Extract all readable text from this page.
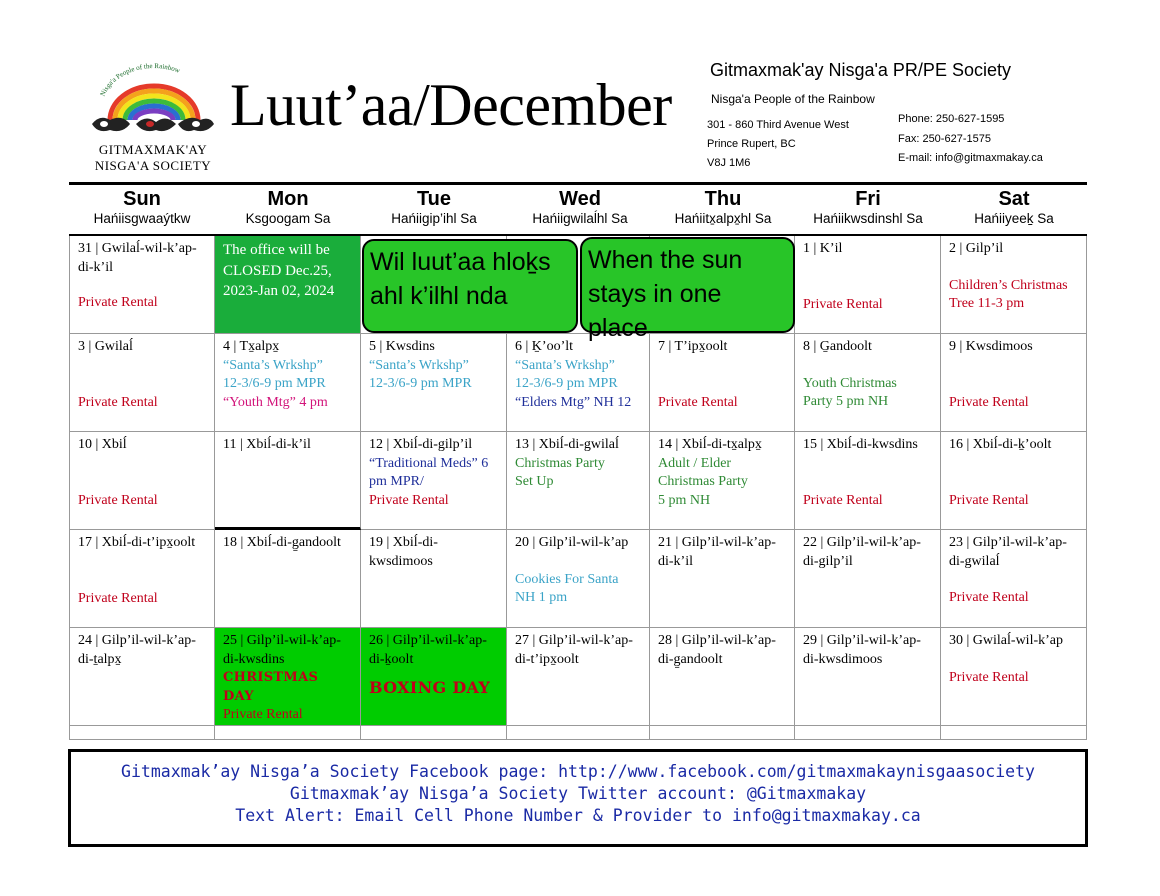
Nisga'a People of the Rainbow
GITMAXMAK'AY
NISGA'A SOCIETY
Luut’aa/December
Gitmaxmak'ay Nisga'a PR/PE Society
Nisga'a People of the Rainbow
301 - 860 Third Avenue West
Prince Rupert, BC
V8J 1M6
Phone: 250-627-1595
Fax: 250-627-1575
E-mail: info@gitmaxmakay.ca
Sun
Hańiisgwaaýtkw
Mon
Ksgoogam Sa
Tue
Hańiigip’ihl Sa
Wed
Hańiigwilaĺhl Sa
Thu
Hańiitx̱alpx̱hl Sa
Fri
Hańiikwsdinshl Sa
Sat
Hańiiyeek̠ Sa
31 | Gwilaĺ-wil-k’ap-di-k’il
Private Rental
The office will be CLOSED Dec.25, 2023-Jan 02, 2024
1 | K’il
Private Rental
2 | Gilp’il
Children’s Christmas Tree 11-3 pm
3 | Gwilaĺ
Private Rental
4 | Tx̱alpx̱
“Santa’s Wrkshp”
12-3/6-9 pm MPR
“Youth Mtg” 4 pm
5 | Kwsdins
“Santa’s Wrkshp”
12-3/6-9 pm MPR
6 | K̠’oo’lt
“Santa’s Wrkshp”
12-3/6-9 pm MPR
“Elders Mtg” NH 12
7 | T’ipx̱oolt
Private Rental
8 | G̠andoolt
Youth Christmas
Party 5 pm NH
9 | Kwsdimoos
Private Rental
10 | Xbiĺ
Private Rental
11 | Xbiĺ-di-k’il	12 | Xbiĺ-di-gilp’il
“Traditional Meds” 6 pm MPR/
Private Rental
13 | Xbiĺ-di-gwilaĺ
Christmas Party
Set Up
14 | Xbiĺ-di-tx̱alpx̱
Adult / Elder
Christmas Party
5 pm NH
15 | Xbiĺ-di-kwsdins
Private Rental
16 | Xbiĺ-di-k̠’oolt
Private Rental
17 | Xbiĺ-di-t’ipx̱oolt
Private Rental
18 | Xbiĺ-di-g̠andoolt	19 | Xbiĺ-di-kwsdimoos
20 | Gilp’il-wil-k’ap
Cookies For Santa
NH 1 pm
21 | Gilp’il-wil-k’ap-di-k’il
22 | Gilp’il-wil-k’ap-di-gilp’il
23 | Gilp’il-wil-k’ap-di-gwilaĺ
Private Rental
24 | Gilp’il-wil-k’ap-di-t̠alpx̱
25 | Gilp’il-wil-k’ap-di-kwsdins
CHRISTMAS DAY
Private Rental
26 | Gilp’il-wil-k’ap-di-k̠oolt
BOXING DAY
27 | Gilp’il-wil-k’ap-di-t’ipx̱oolt
28 | Gilp’il-wil-k’ap-di-g̠andoolt
29 | Gilp’il-wil-k’ap-di-kwsdimoos
30 | Gwilaĺ-wil-k’ap
Private Rental
Wil luut’aa hlok̠s ahl k’ilhl nda
When the sun stays in one place
Gitmaxmak’ay Nisga’a Society Facebook page: http://www.facebook.com/gitmaxmakaynisgaasociety
Gitmaxmak’ay Nisga’a Society Twitter account: @Gitmaxmakay
Text Alert: Email Cell Phone Number & Provider to info@gitmaxmakay.ca
